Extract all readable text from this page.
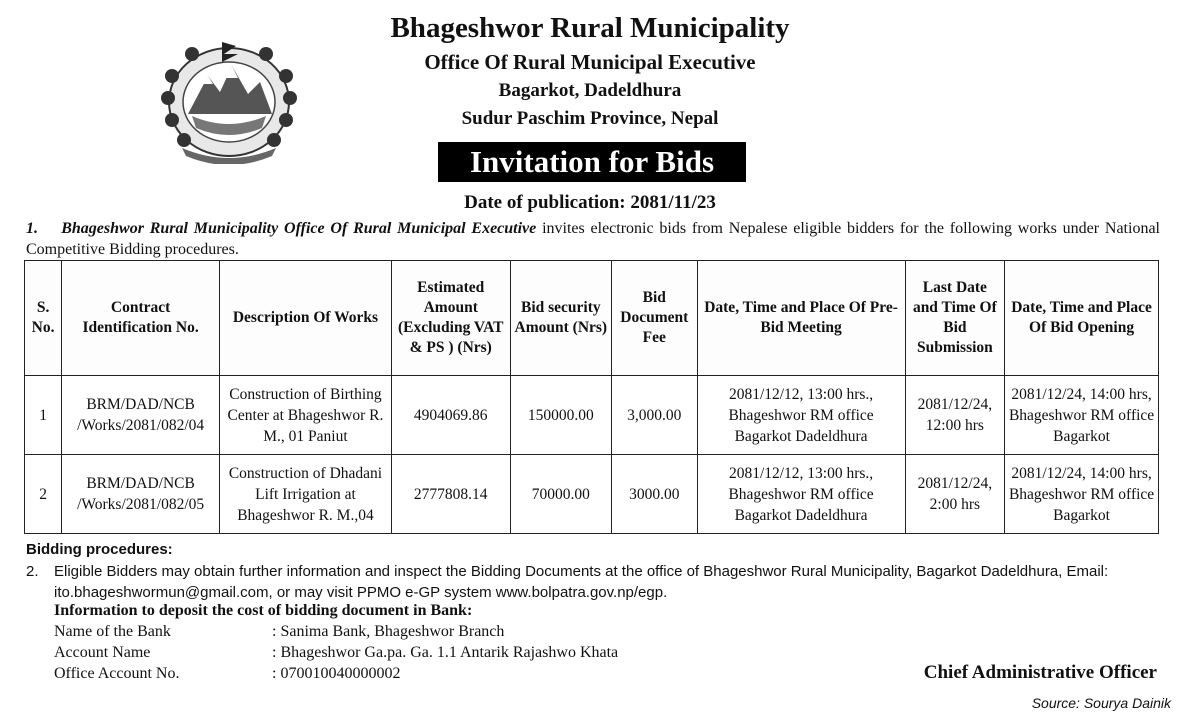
Bhageshwor Rural Municipality
Office Of Rural Municipal Executive
Bagarkot, Dadeldhura
Sudur Paschim Province, Nepal
Invitation for Bids
Date of publication: 2081/11/23
1. Bhageshwor Rural Municipality Office Of Rural Municipal Executive invites electronic bids from Nepalese eligible bidders for the following works under National Competitive Bidding procedures.
S. No.	Contract Identification No.	Description Of Works	Estimated Amount (Excluding VAT & PS ) (Nrs)	Bid security Amount (Nrs)	Bid Document Fee	Date, Time and Place Of Pre-Bid Meeting	Last Date and Time Of Bid Submission	Date, Time and Place Of Bid Opening
1	BRM/DAD/NCB /Works/2081/082/04	Construction of Birthing Center at Bhageshwor R. M., 01 Paniut	4904069.86	150000.00	3,000.00	2081/12/12, 13:00 hrs., Bhageshwor RM office Bagarkot Dadeldhura	2081/12/24, 12:00 hrs	2081/12/24, 14:00 hrs, Bhageshwor RM office Bagarkot
2	BRM/DAD/NCB /Works/2081/082/05	Construction of Dhadani Lift Irrigation at Bhageshwor R. M.,04	2777808.14	70000.00	3000.00	2081/12/12, 13:00 hrs., Bhageshwor RM office Bagarkot Dadeldhura	2081/12/24, 2:00 hrs	2081/12/24, 14:00 hrs, Bhageshwor RM office Bagarkot
Bidding procedures:
2. Eligible Bidders may obtain further information and inspect the Bidding Documents at the office of Bhageshwor Rural Municipality, Bagarkot Dadeldhura, Email: ito.bhageshwormun@gmail.com, or may visit PPMO e-GP system www.bolpatra.gov.np/egp.
Information to deposit the cost of bidding document in Bank:
Name of the Bank	: Sanima Bank, Bhageshwor Branch
Account Name	: Bhageshwor Ga.pa. Ga. 1.1 Antarik Rajashwo Khata
Office Account No.	: 070010040000002	Chief Administrative Officer
Source: Sourya Dainik
